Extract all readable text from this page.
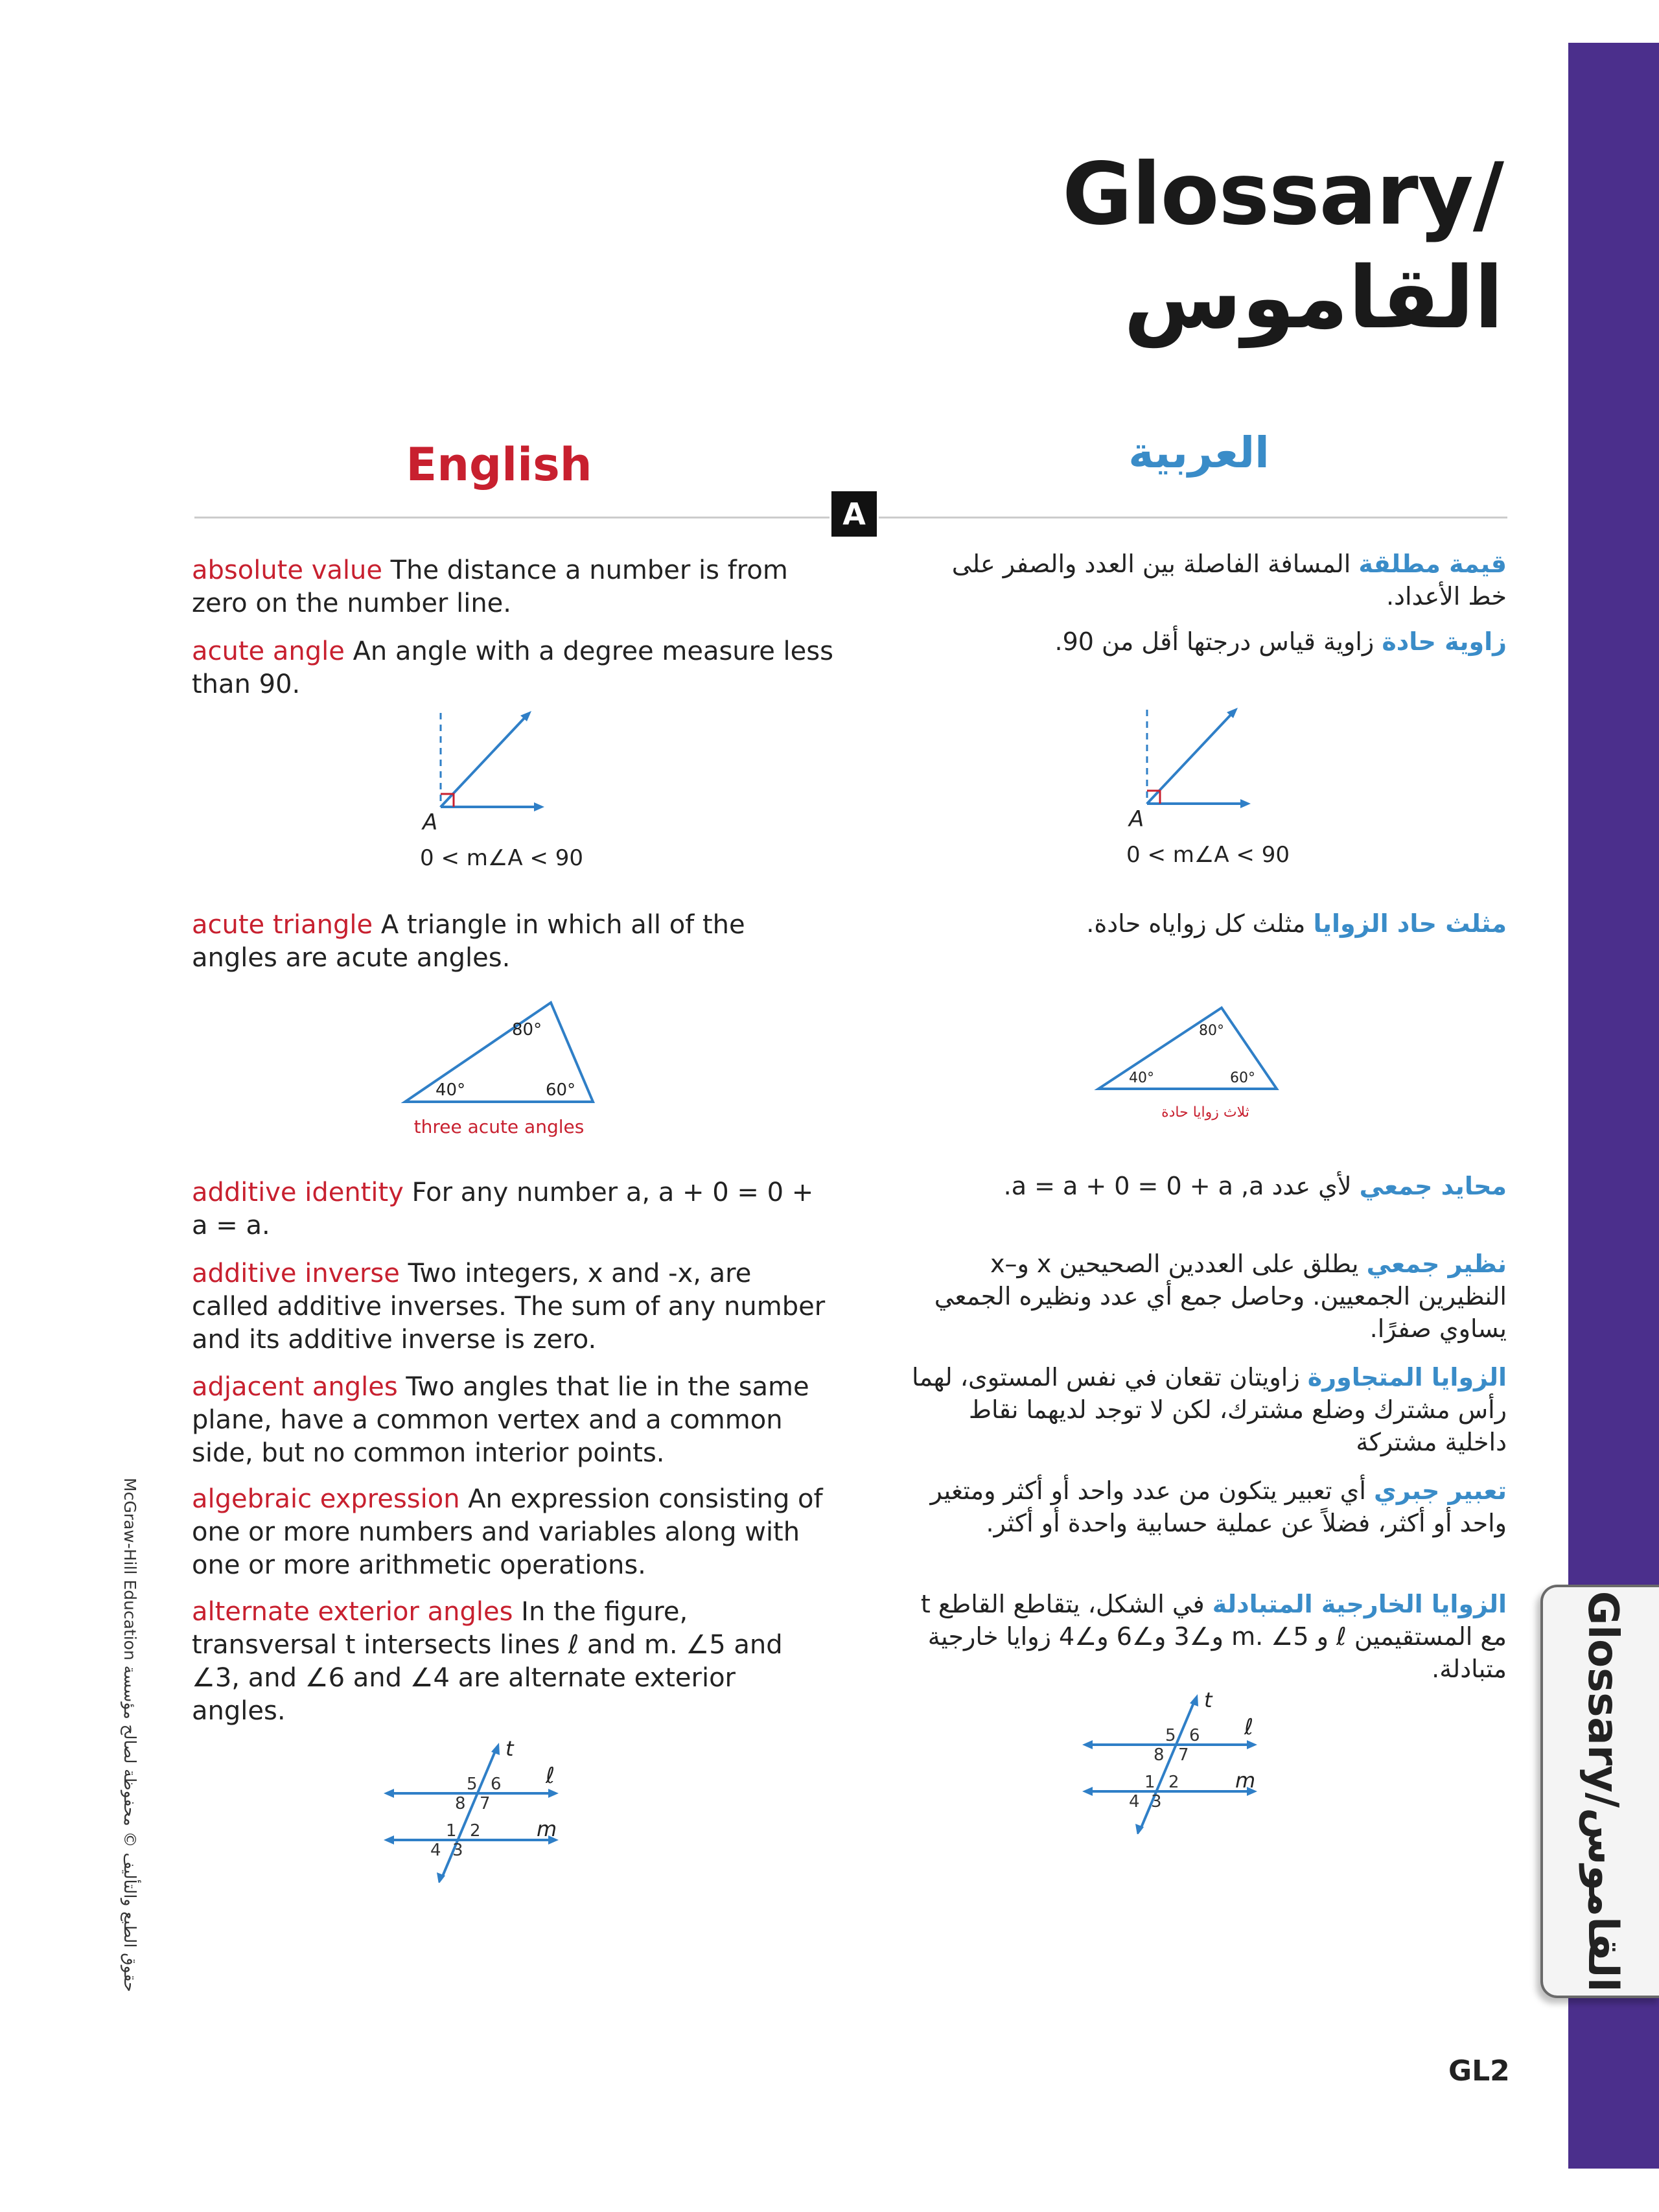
Glossary/القاموس
Glossary/القاموس
English	العربية
A
absolute value The distance a number is from zero on the number line.
acute angle An angle with a degree measure less than 90.
acute triangle A triangle in which all of the angles are acute angles.
additive identity For any number a, a + 0 = 0 + a = a.
additive inverse Two integers, x and -x, are called additive inverses. The sum of any number and its additive inverse is zero.
adjacent angles Two angles that lie in the same plane, have a common vertex and a common side, but no common interior points.
algebraic expression An expression consisting of one or more numbers and variables along with one or more arithmetic operations.
alternate exterior angles In the figure, transversal t intersects lines ℓ and m. ∠5 and ∠3, and ∠6 and ∠4 are alternate exterior angles.
قيمة مطلقة المسافة الفاصلة بين العدد والصفر على خط الأعداد.
زاوية حادة زاوية قياس درجتها أقل من 90.
مثلث حاد الزوايا مثلث كل زواياه حادة.
محايد جمعي لأي عدد a = a + 0 = 0 + a ,a.
نظير جمعي يطلق على العددين الصحيحين x و–x النظيرين الجمعيين. وحاصل جمع أي عدد ونظيره الجمعي يساوي صفرًا.
الزوايا المتجاورة زاويتان تقعان في نفس المستوى، لهما رأس مشترك وضلع مشترك، لكن لا توجد لديهما نقاط داخلية مشتركة
تعبير جبري أي تعبير يتكون من عدد واحد أو أكثر ومتغير واحد أو أكثر، فضلاً عن عملية حسابية واحدة أو أكثر.
الزوايا الخارجية المتبادلة في الشكل، يتقاطع القاطع t مع المستقيمين ℓ و m. ∠5 و∠3 و∠6 و∠4 زوايا خارجية متبادلة.
A
0 < m∠A < 90
A
0 < m∠A < 90
80°
40°	60°
three acute angles
80°
40°	60°
ثلاث زوايا حادة
t
ℓ
m
5 6
8 7
1 2
4 3
t
ℓ
m
5 6
8 7
1 2
4 3
McGraw-Hill Education حقوق الطبع والتأليف © محفوظة لصالح مؤسسة
GL2
